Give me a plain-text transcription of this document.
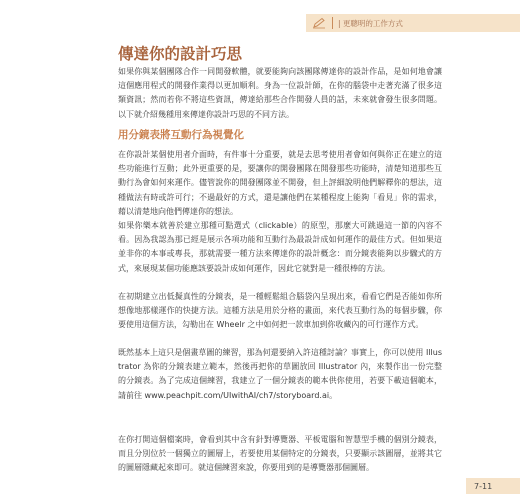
| 更聰明的工作方式
傳達你的設計巧思

如果你與某個團隊合作一同開發軟體，就要能夠向該團隊傳達你的設計作品，是如何地會讓這個應用程式的開發作業得以更加順利。身為一位設計師，在你的腦袋中走著充滿了很多這類資訊；然而若你不將這些資訊，傳達給那些合作開發人員的話，未來就會發生很多問題。以下就介紹幾種用來傳達你設計巧思的不同方法。

用分鏡表將互動行為視覺化

在你設計某個使用者介面時，有件事十分重要，就是去思考使用者會如何與你正在建立的這些功能進行互動；此外更重要的是，要讓你的開發團隊在開發那些功能時，清楚知道那些互動行為會如何來運作。儘管說你的開發團隊並不開發，但上評細說明他們解釋你的想法，這種做法有時或許可行；不過最好的方式，還是讓他們在某種程度上能夠「看見」你的需求，藉以清楚地向他們傳達你的想法。

如果你樂本就善於建立那種可點選式（clickable）的原型，那麼大可跳過這一節的內容不看。因為我認為那已經是展示各項功能和互動行為最設計成如何運作的最佳方式。但如果這並非你的本事或專長，那就需要一種方法來傳達你的設計概念：而分鏡表能夠以步驟式的方式，來展現某個功能應該要設計成如何運作，因此它就對是一種很棒的方法。

在初期建立出低擬真性的分鏡表，是一種輕鬆組合腦袋內呈現出來，看看它們是否能如你所想像地那樣運作的快捷方法。這種方法是用於分格的畫面，來代表互動行為的每個步驟，你要使用這個方法，勾勒出在 Wheelr 之中如何把一款車加到你收藏內的可行運作方式。

既然基本上這只是個畫草圖的練習，那為何還要納入許這種討論？事實上，你可以使用 Illustrator 為你的分鏡表建立範本，然後再把你的草圖放回 Illustrator 內，來製作出一份完整的分鏡表。為了完成這個練習，我建立了一個分鏡表的範本供你使用，若要下載這個範本，請前往 www.peachpit.com/UIwithAI/ch7/storyboard.ai。

在你打開這個檔案時，會看到其中含有針對導覽器、平板電腦和智慧型手機的個別分鏡表，而且分別位於一個獨立的圖層上，若要使用某個特定的分鏡表，只要顯示該圖層，並將其它的圖層隱藏起來即可。就這個練習來說，你要用到的是導覽器那個圖層。

7-11
